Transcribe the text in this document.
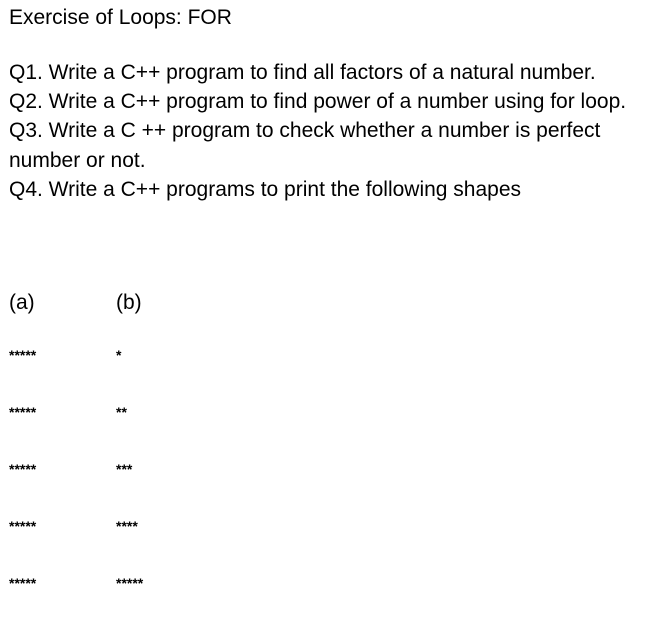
Exercise of Loops: FOR

Q1. Write a C++ program to find all factors of a natural number.

Q2. Write a C++ program to find power of a number using for loop.

Q3. Write a C ++ program to check whether a number is perfect number or not.

Q4. Write a C++ programs to print the following shapes

(a)	(b)
*****
*****
*****
*****
*****
*
**
***
****
*****
